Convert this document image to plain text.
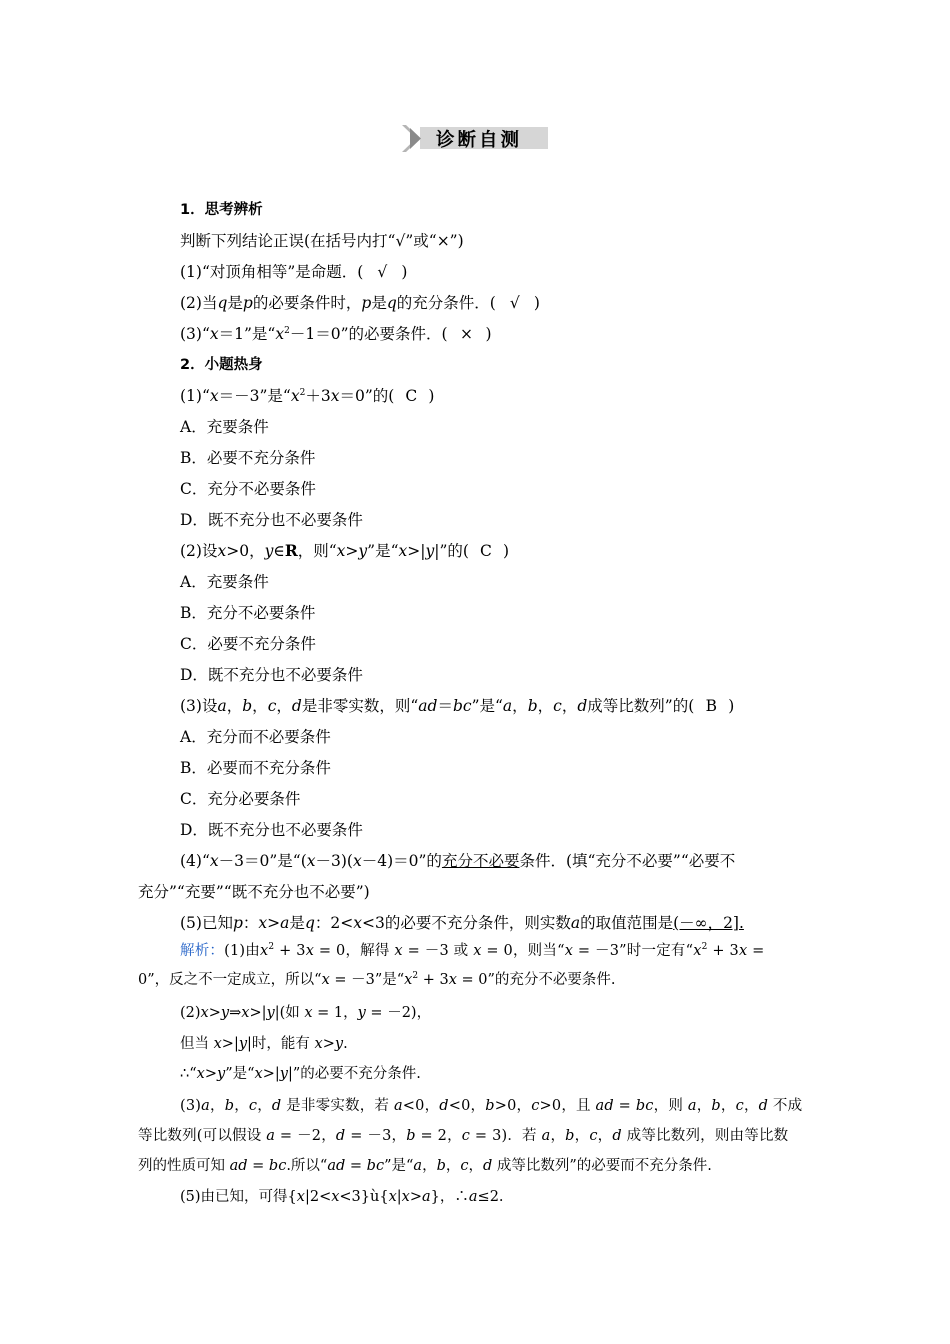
诊断自测
1．思考辨析
判断下列结论正误(在括号内打“√”或“×”)
(1)“对顶角相等”是命题．( √ )
(2)当q是p的必要条件时，p是q的充分条件．( √ )
(3)“x＝1”是“$x^2-1=0$”的必要条件．( × )
2．小题热身
(1)“x＝－3”是“$x^2+3x=0$”的( C )
A．充要条件
B．必要不充分条件
C．充分不必要条件
D．既不充分也不必要条件
(2)设x>0，y∈R，则“x>y”是“x>|y|”的( C )
A．充要条件
B．充分不必要条件
C．必要不充分条件
D．既不充分也不必要条件
(3)设a，b，c，d是非零实数，则“ad＝bc”是“a，b，c，d成等比数列”的( B )
A．充分而不必要条件
B．必要而不充分条件
C．充分必要条件
D．既不充分也不必要条件
(4)“x－3＝0”是“(x－3)(x－4)＝0”的充分不必要条件．(填“充分不必要”“必要不
充分”“充要”“既不充分也不必要”)
(5)已知p：x>a是q：2<x<3的必要不充分条件，则实数a的取值范围是(－∞，2].
解析：(1)由$x^2 + 3x = 0$，解得 x = －3 或 x = 0，则当“x = －3”时一定有“$x^2 + 3x$ =
0”，反之不一定成立，所以“x = －3”是“$x^2 + 3x = 0$”的充分不必要条件.
(2)x>y⇒x>|y|(如 x = 1，y = －2)，
但当 x>|y|时，能有 x>y.
∴“x>y”是“x>|y|”的必要不充分条件.
(3)a，b，c，d 是非零实数，若 a<0，d<0，b>0，c>0，且 ad = bc，则 a，b，c，d 不成
等比数列(可以假设 a = －2，d = －3，b = 2，c = 3)．若 a，b，c，d 成等比数列，则由等比数
列的性质可知 ad = bc.所以“ad = bc”是“a，b，c，d 成等比数列”的必要而不充分条件.
(5)由已知，可得{x|2<x<3}ù{x|x>a}，∴a≤2.
